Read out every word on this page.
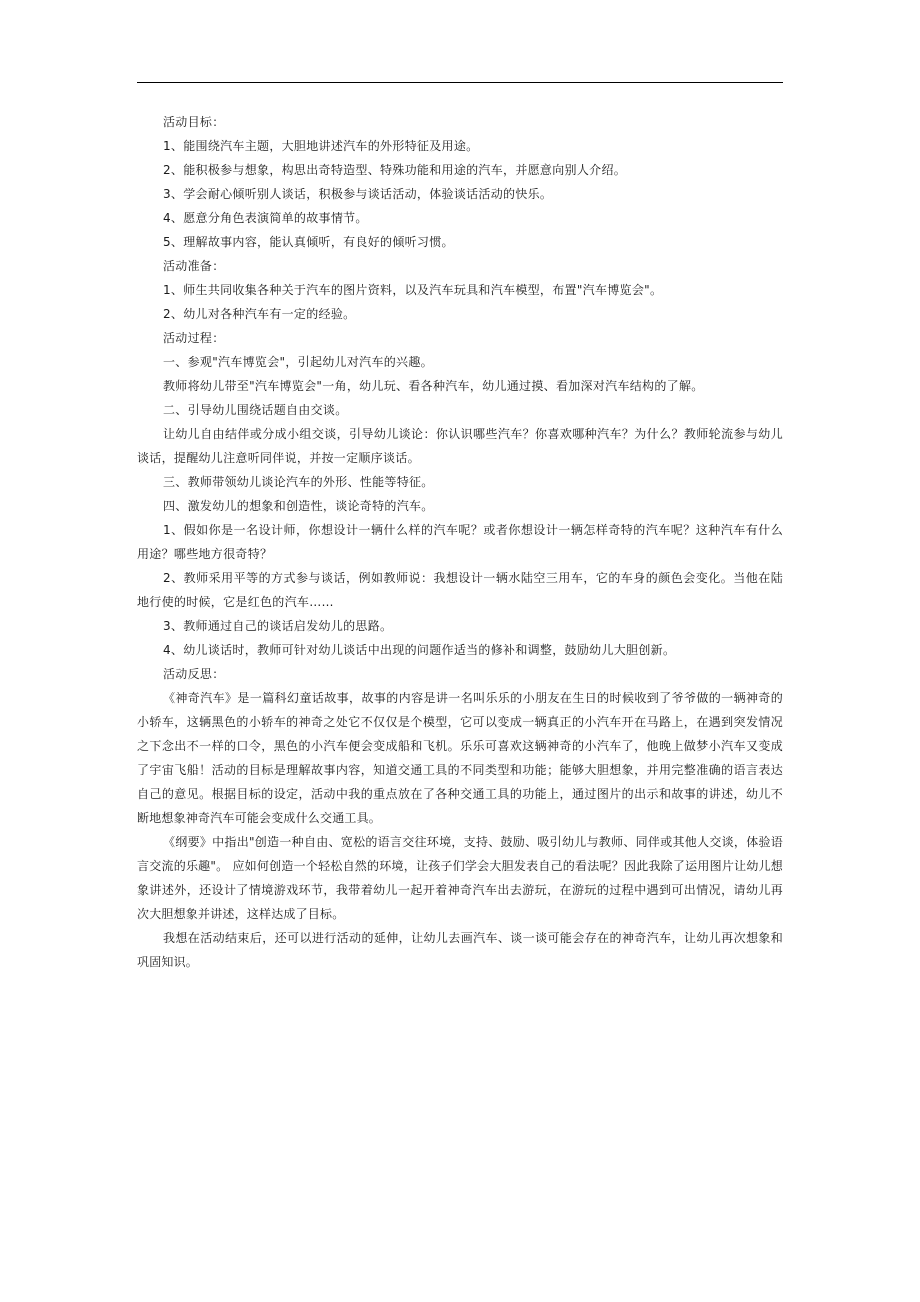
活动目标：
1、能围绕汽车主题，大胆地讲述汽车的外形特征及用途。
2、能积极参与想象，构思出奇特造型、特殊功能和用途的汽车，并愿意向别人介绍。
3、学会耐心倾听别人谈话，积极参与谈话活动，体验谈话活动的快乐。
4、愿意分角色表演简单的故事情节。
5、理解故事内容，能认真倾听，有良好的倾听习惯。
活动准备：
1、师生共同收集各种关于汽车的图片资料，以及汽车玩具和汽车模型，布置"汽车博览会"。
2、幼儿对各种汽车有一定的经验。
活动过程：
一、参观"汽车博览会"，引起幼儿对汽车的兴趣。
教师将幼儿带至"汽车博览会"一角，幼儿玩、看各种汽车，幼儿通过摸、看加深对汽车结构的了解。
二、引导幼儿围绕话题自由交谈。

让幼儿自由结伴或分成小组交谈，引导幼儿谈论：你认识哪些汽车？你喜欢哪种汽车？为什么？教师轮流参与幼儿谈话，提醒幼儿注意听同伴说，并按一定顺序谈话。

三、教师带领幼儿谈论汽车的外形、性能等特征。
四、激发幼儿的想象和创造性，谈论奇特的汽车。

1、假如你是一名设计师，你想设计一辆什么样的汽车呢？或者你想设计一辆怎样奇特的汽车呢？这种汽车有什么用途？哪些地方很奇特？

2、教师采用平等的方式参与谈话，例如教师说：我想设计一辆水陆空三用车，它的车身的颜色会变化。当他在陆地行使的时候，它是红色的汽车……

3、教师通过自己的谈话启发幼儿的思路。
4、幼儿谈话时，教师可针对幼儿谈话中出现的问题作适当的修补和调整，鼓励幼儿大胆创新。
活动反思：

《神奇汽车》是一篇科幻童话故事，故事的内容是讲一名叫乐乐的小朋友在生日的时候收到了爷爷做的一辆神奇的小轿车，这辆黑色的小轿车的神奇之处它不仅仅是个模型，它可以变成一辆真正的小汽车开在马路上，在遇到突发情况之下念出不一样的口令，黑色的小汽车便会变成船和飞机。乐乐可喜欢这辆神奇的小汽车了，他晚上做梦小汽车又变成了宇宙飞船！活动的目标是理解故事内容，知道交通工具的不同类型和功能；能够大胆想象，并用完整准确的语言表达自己的意见。根据目标的设定，活动中我的重点放在了各种交通工具的功能上，通过图片的出示和故事的讲述，幼儿不断地想象神奇汽车可能会变成什么交通工具。

《纲要》中指出"创造一种自由、宽松的语言交往环境，支持、鼓励、吸引幼儿与教师、同伴或其他人交谈，体验语言交流的乐趣"。 应如何创造一个轻松自然的环境，让孩子们学会大胆发表自己的看法呢？因此我除了运用图片让幼儿想象讲述外，还设计了情境游戏环节，我带着幼儿一起开着神奇汽车出去游玩，在游玩的过程中遇到可出情况，请幼儿再次大胆想象并讲述，这样达成了目标。

我想在活动结束后，还可以进行活动的延伸，让幼儿去画汽车、谈一谈可能会存在的神奇汽车，让幼儿再次想象和巩固知识。
